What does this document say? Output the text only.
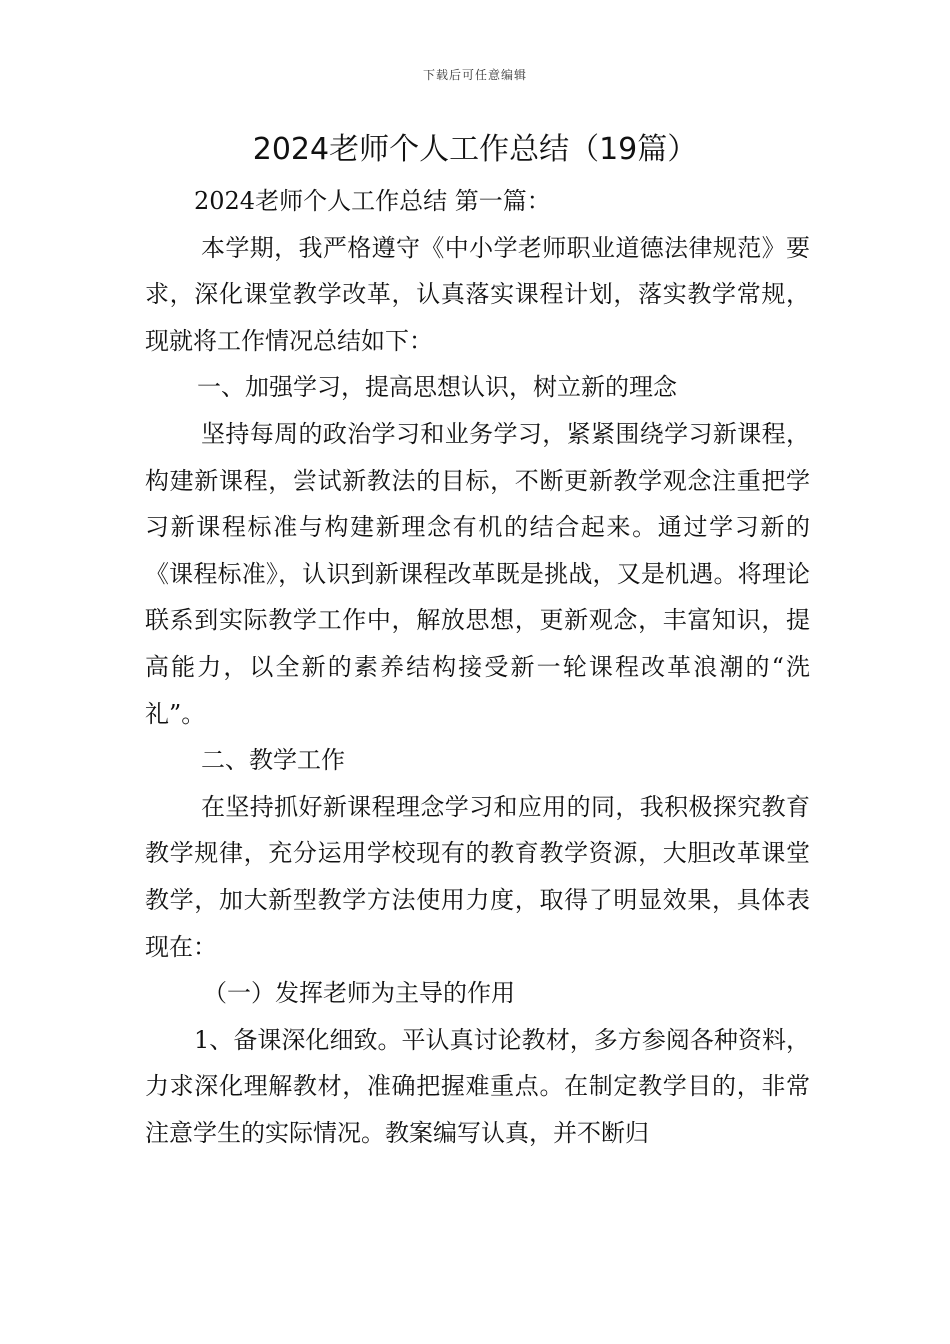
下载后可任意编辑
2024老师个人工作总结（19篇）

2024老师个人工作总结 第一篇：

本学期，我严格遵守《中小学老师职业道德法律规范》要求，深化课堂教学改革，认真落实课程计划，落实教学常规，现就将工作情况总结如下：

一、加强学习，提高思想认识，树立新的理念

坚持每周的政治学习和业务学习，紧紧围绕学习新课程，构建新课程，尝试新教法的目标，不断更新教学观念注重把学习新课程标准与构建新理念有机的结合起来。通过学习新的《课程标准》，认识到新课程改革既是挑战，又是机遇。将理论联系到实际教学工作中，解放思想，更新观念，丰富知识，提高能力，以全新的素养结构接受新一轮课程改革浪潮的“洗礼”。

二、教学工作

在坚持抓好新课程理念学习和应用的同，我积极探究教育教学规律，充分运用学校现有的教育教学资源，大胆改革课堂教学，加大新型教学方法使用力度，取得了明显效果，具体表现在：

（一）发挥老师为主导的作用

1、备课深化细致。平认真讨论教材，多方参阅各种资料，力求深化理解教材，准确把握难重点。在制定教学目的，非常注意学生的实际情况。教案编写认真，并不断归
